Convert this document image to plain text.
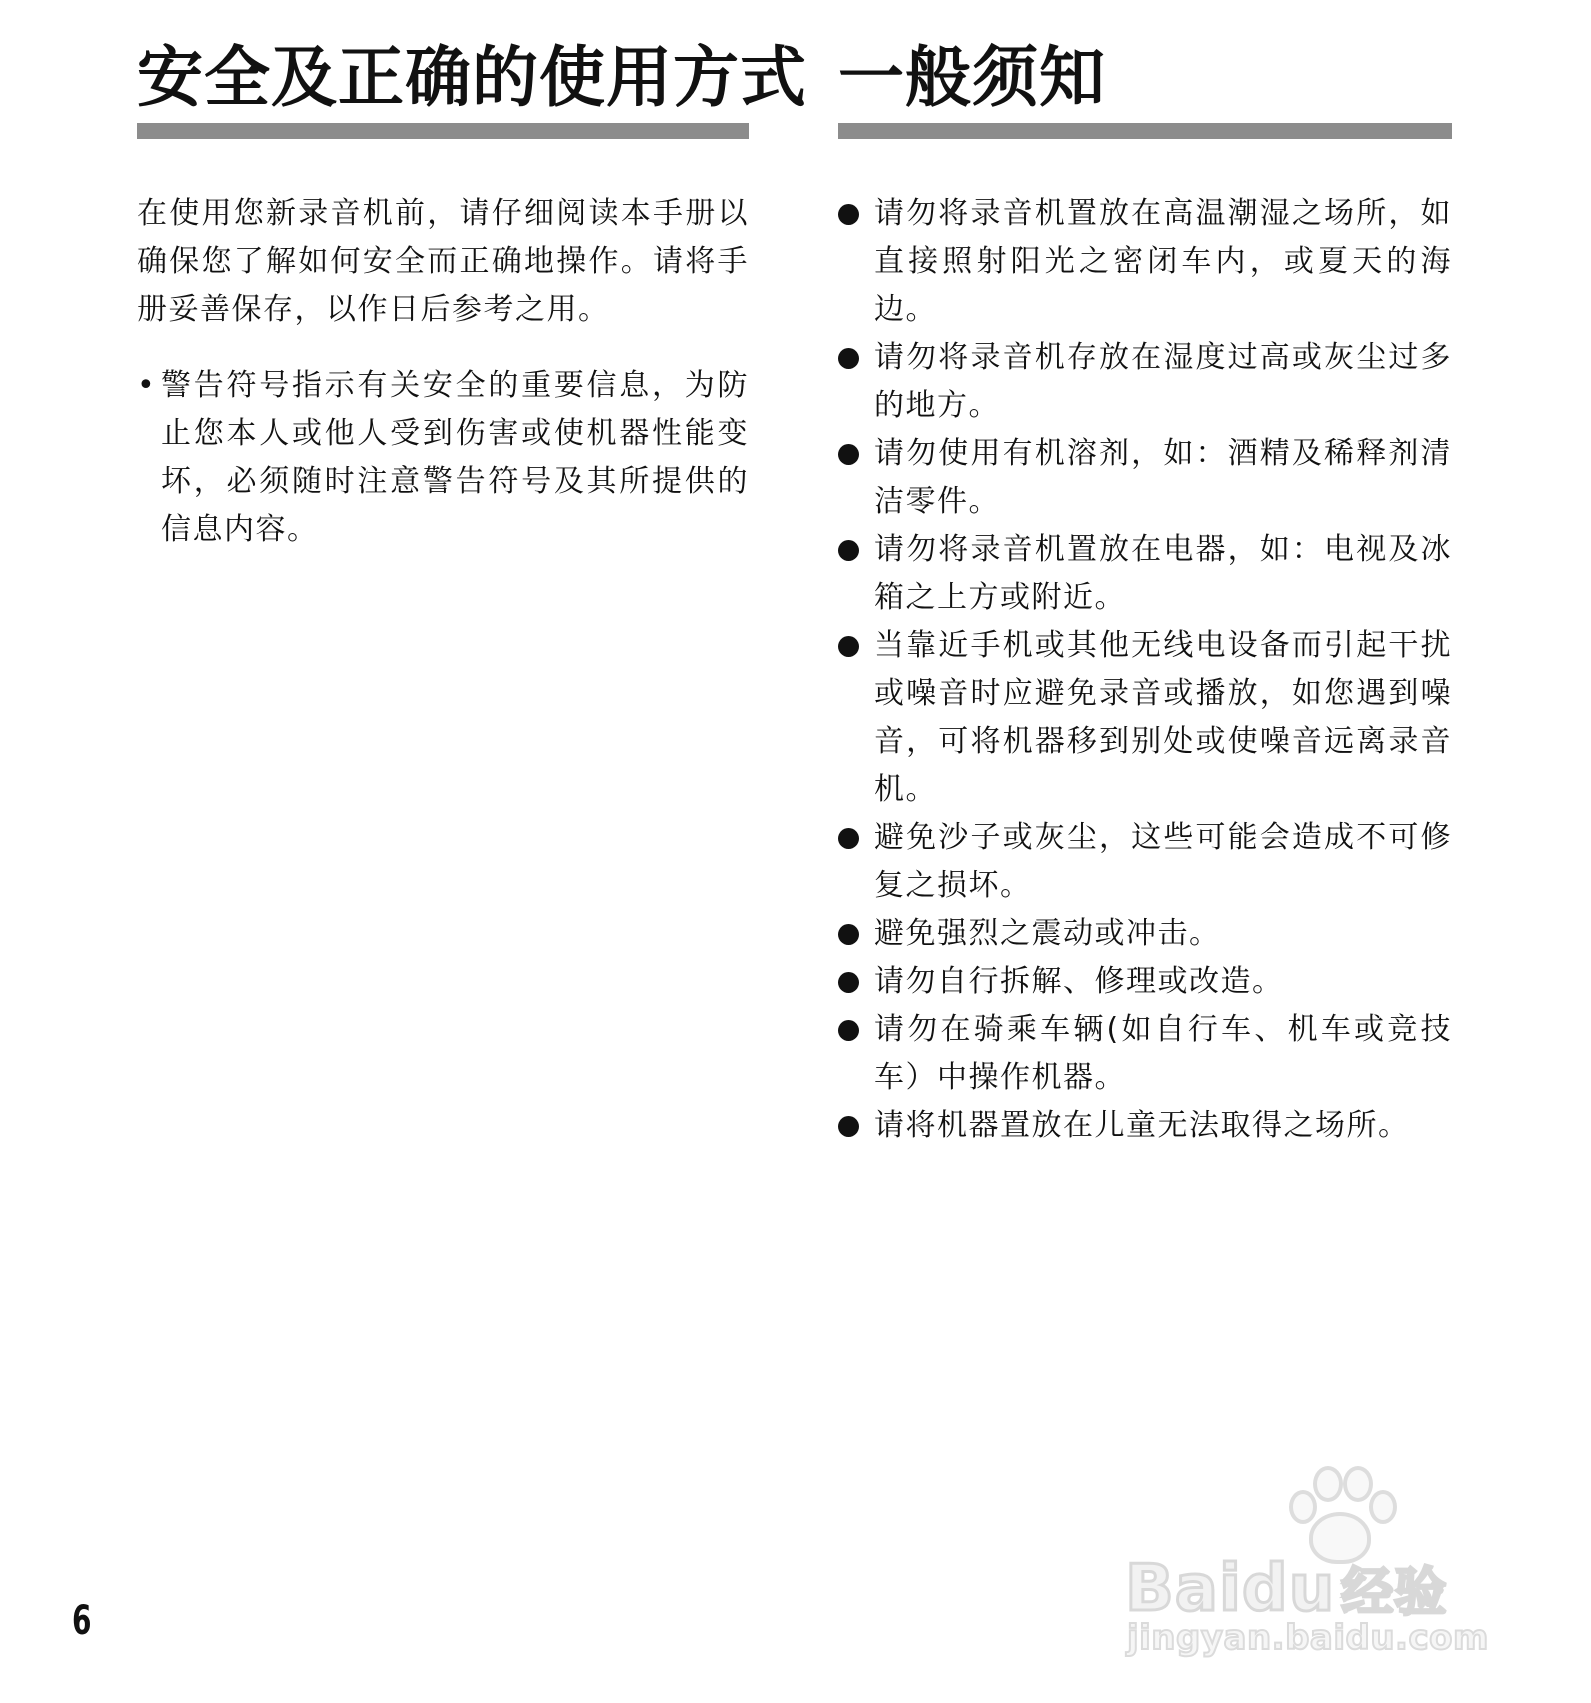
安全及正确的使用方式

在使用您新录音机前，请仔细阅读本手册以确保您了解如何安全而正确地操作。请将手册妥善保存，以作日后参考之用。

• 警告符号指示有关安全的重要信息，为防止您本人或他人受到伤害或使机器性能变坏，必须随时注意警告符号及其所提供的信息内容。
一般须知
请勿将录音机置放在高温潮湿之场所，如直接照射阳光之密闭车内，或夏天的海边。
请勿将录音机存放在湿度过高或灰尘过多的地方。
请勿使用有机溶剂，如：酒精及稀释剂清洁零件。
请勿将录音机置放在电器，如：电视及冰箱之上方或附近。
当靠近手机或其他无线电设备而引起干扰或噪音时应避免录音或播放，如您遇到噪音，可将机器移到别处或使噪音远离录音机。
避免沙子或灰尘，这些可能会造成不可修复之损坏。
避免强烈之震动或冲击。
请勿自行拆解、修理或改造。
请勿在骑乘车辆(如自行车、机车或竞技车）中操作机器。
请将机器置放在儿童无法取得之场所。

6	Baidu 经验
jingyan.baidu.com
